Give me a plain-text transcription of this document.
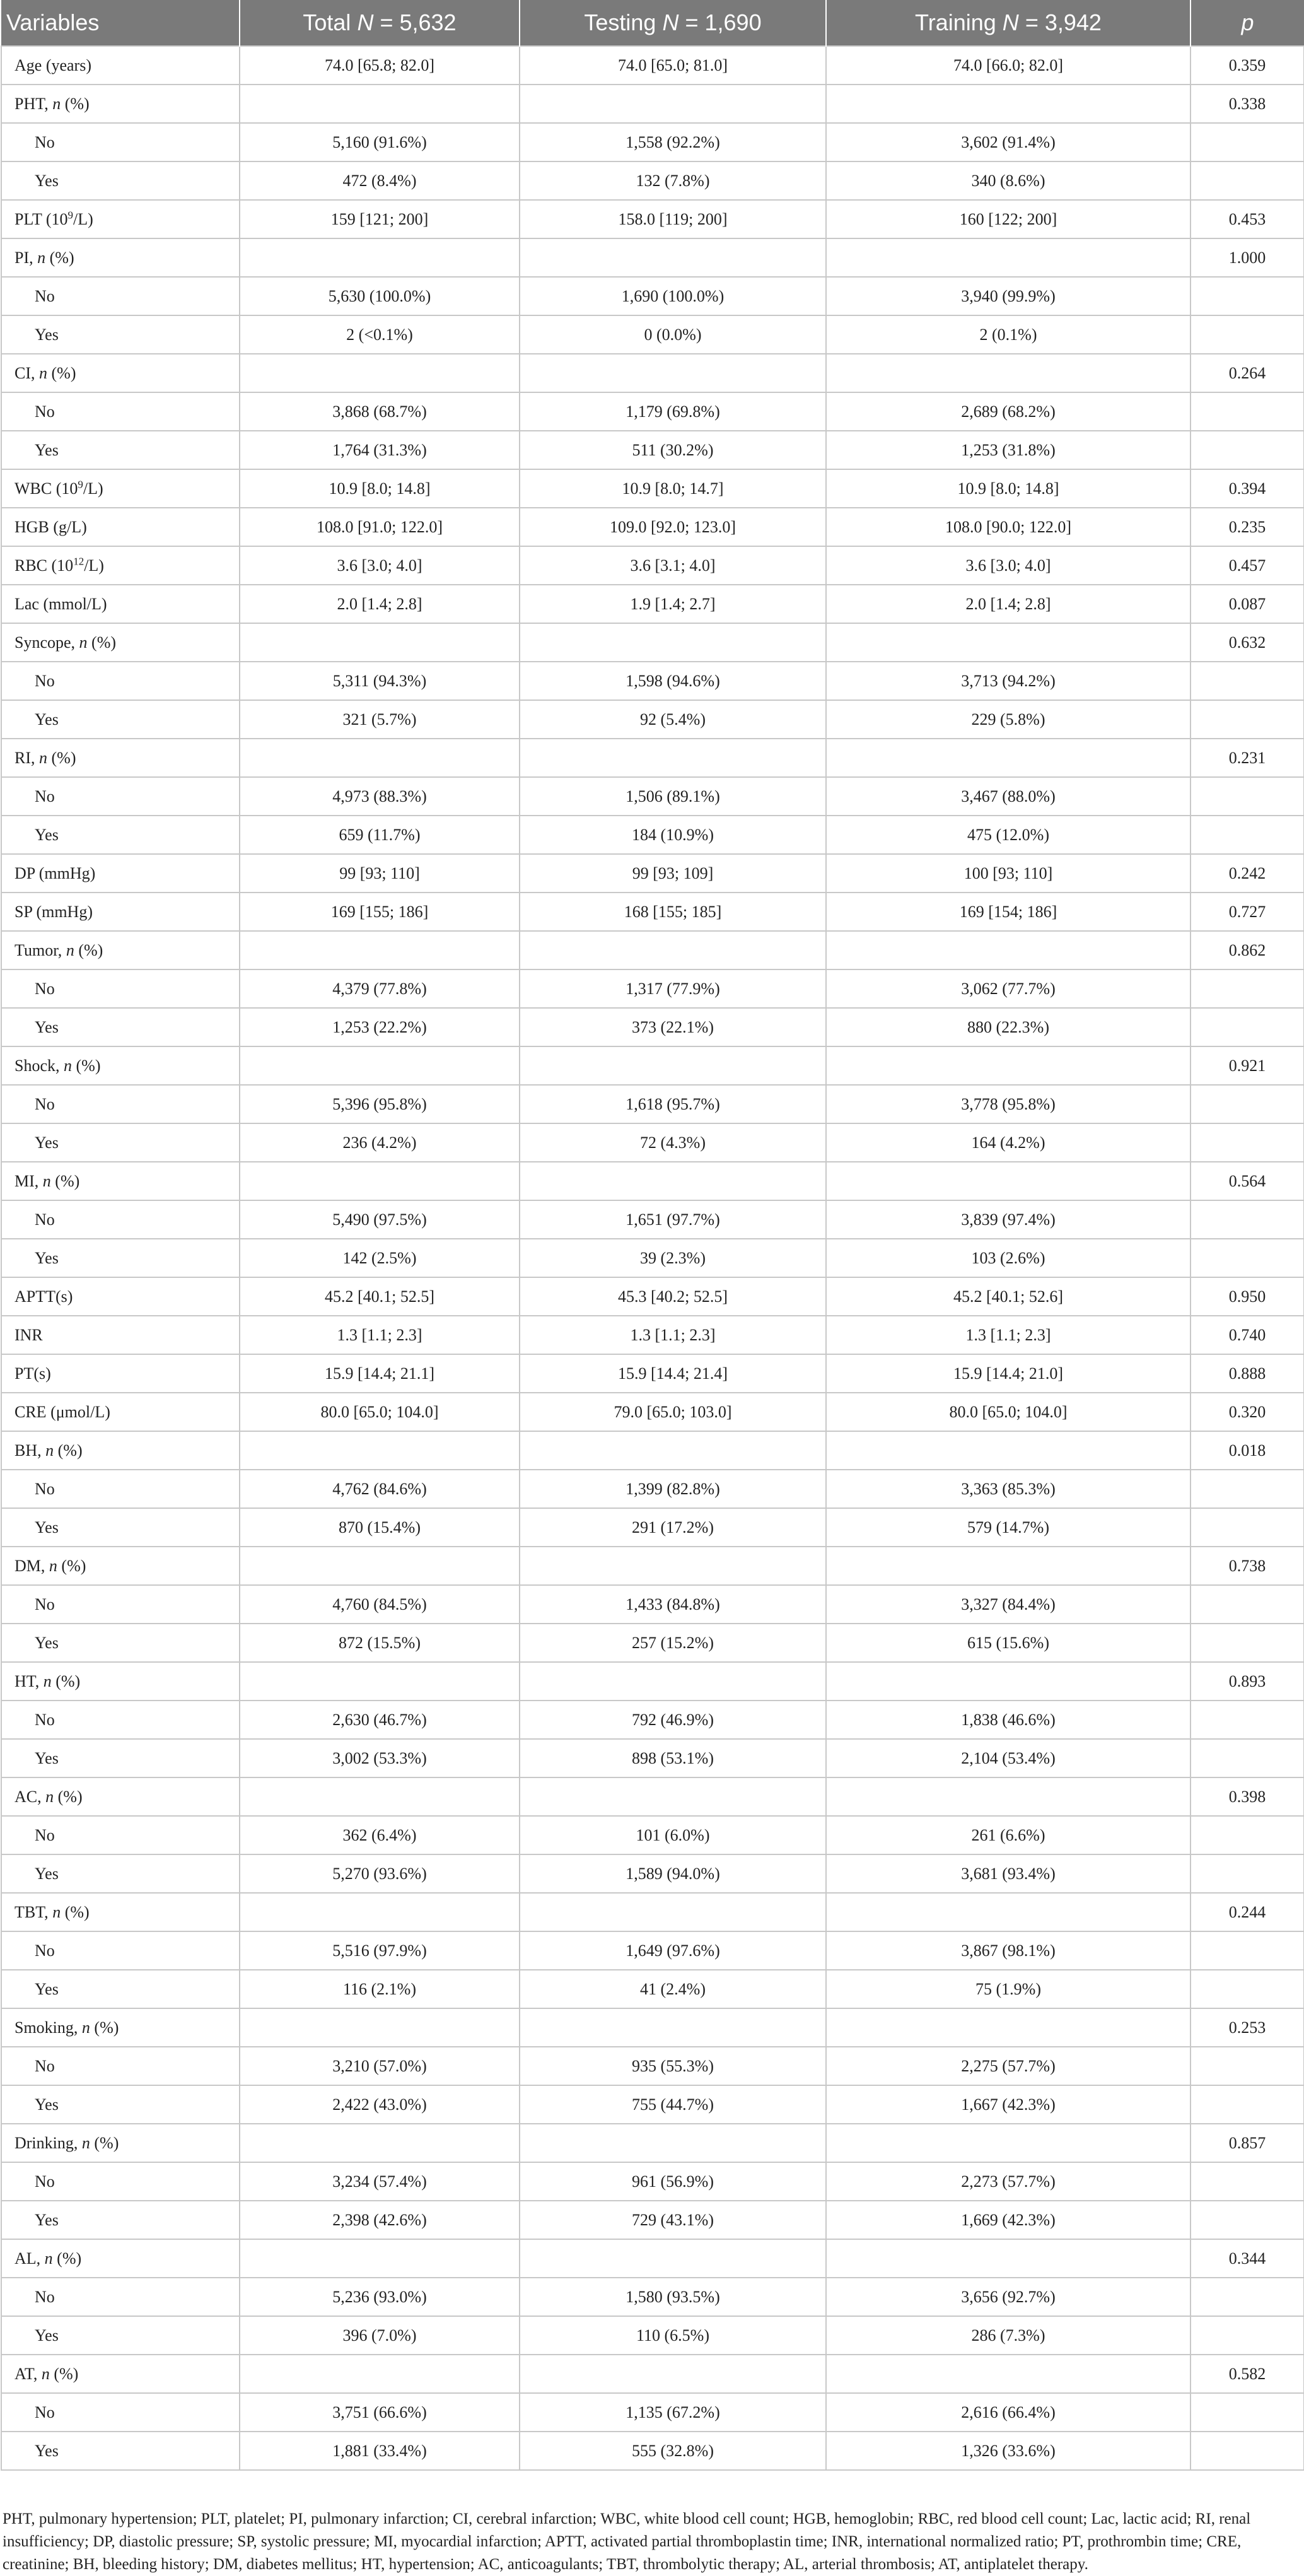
Variables	Total N = 5,632	Testing N = 1,690	Training N = 3,942	p
Age (years)	74.0 [65.8; 82.0]	74.0 [65.0; 81.0]	74.0 [66.0; 82.0]	0.359
PHT, n (%)				0.338
No	5,160 (91.6%)	1,558 (92.2%)	3,602 (91.4%)	
Yes	472 (8.4%)	132 (7.8%)	340 (8.6%)	
PLT $(10^9/L)$	159 [121; 200]	158.0 [119; 200]	160 [122; 200]	0.453
PI, n (%)				1.000
No	5,630 (100.0%)	1,690 (100.0%)	3,940 (99.9%)	
Yes	2 (<0.1%)	0 (0.0%)	2 (0.1%)	
CI, n (%)				0.264
No	3,868 (68.7%)	1,179 (69.8%)	2,689 (68.2%)	
Yes	1,764 (31.3%)	511 (30.2%)	1,253 (31.8%)	
WBC $(10^9/L)$	10.9 [8.0; 14.8]	10.9 [8.0; 14.7]	10.9 [8.0; 14.8]	0.394
HGB (g/L)	108.0 [91.0; 122.0]	109.0 [92.0; 123.0]	108.0 [90.0; 122.0]	0.235
RBC $(10^{12}/L)$	3.6 [3.0; 4.0]	3.6 [3.1; 4.0]	3.6 [3.0; 4.0]	0.457
Lac (mmol/L)	2.0 [1.4; 2.8]	1.9 [1.4; 2.7]	2.0 [1.4; 2.8]	0.087
Syncope, n (%)				0.632
No	5,311 (94.3%)	1,598 (94.6%)	3,713 (94.2%)	
Yes	321 (5.7%)	92 (5.4%)	229 (5.8%)	
RI, n (%)				0.231
No	4,973 (88.3%)	1,506 (89.1%)	3,467 (88.0%)	
Yes	659 (11.7%)	184 (10.9%)	475 (12.0%)	
DP (mmHg)	99 [93; 110]	99 [93; 109]	100 [93; 110]	0.242
SP (mmHg)	169 [155; 186]	168 [155; 185]	169 [154; 186]	0.727
Tumor, n (%)				0.862
No	4,379 (77.8%)	1,317 (77.9%)	3,062 (77.7%)	
Yes	1,253 (22.2%)	373 (22.1%)	880 (22.3%)	
Shock, n (%)				0.921
No	5,396 (95.8%)	1,618 (95.7%)	3,778 (95.8%)	
Yes	236 (4.2%)	72 (4.3%)	164 (4.2%)	
MI, n (%)				0.564
No	5,490 (97.5%)	1,651 (97.7%)	3,839 (97.4%)	
Yes	142 (2.5%)	39 (2.3%)	103 (2.6%)	
APTT(s)	45.2 [40.1; 52.5]	45.3 [40.2; 52.5]	45.2 [40.1; 52.6]	0.950
INR	1.3 [1.1; 2.3]	1.3 [1.1; 2.3]	1.3 [1.1; 2.3]	0.740
PT(s)	15.9 [14.4; 21.1]	15.9 [14.4; 21.4]	15.9 [14.4; 21.0]	0.888
CRE (μmol/L)	80.0 [65.0; 104.0]	79.0 [65.0; 103.0]	80.0 [65.0; 104.0]	0.320
BH, n (%)				0.018
No	4,762 (84.6%)	1,399 (82.8%)	3,363 (85.3%)	
Yes	870 (15.4%)	291 (17.2%)	579 (14.7%)	
DM, n (%)				0.738
No	4,760 (84.5%)	1,433 (84.8%)	3,327 (84.4%)	
Yes	872 (15.5%)	257 (15.2%)	615 (15.6%)	
HT, n (%)				0.893
No	2,630 (46.7%)	792 (46.9%)	1,838 (46.6%)	
Yes	3,002 (53.3%)	898 (53.1%)	2,104 (53.4%)	
AC, n (%)				0.398
No	362 (6.4%)	101 (6.0%)	261 (6.6%)	
Yes	5,270 (93.6%)	1,589 (94.0%)	3,681 (93.4%)	
TBT, n (%)				0.244
No	5,516 (97.9%)	1,649 (97.6%)	3,867 (98.1%)	
Yes	116 (2.1%)	41 (2.4%)	75 (1.9%)	
Smoking, n (%)				0.253
No	3,210 (57.0%)	935 (55.3%)	2,275 (57.7%)	
Yes	2,422 (43.0%)	755 (44.7%)	1,667 (42.3%)	
Drinking, n (%)				0.857
No	3,234 (57.4%)	961 (56.9%)	2,273 (57.7%)	
Yes	2,398 (42.6%)	729 (43.1%)	1,669 (42.3%)	
AL, n (%)				0.344
No	5,236 (93.0%)	1,580 (93.5%)	3,656 (92.7%)	
Yes	396 (7.0%)	110 (6.5%)	286 (7.3%)	
AT, n (%)				0.582
No	3,751 (66.6%)	1,135 (67.2%)	2,616 (66.4%)	
Yes	1,881 (33.4%)	555 (32.8%)	1,326 (33.6%)	
PHT, pulmonary hypertension; PLT, platelet; PI, pulmonary infarction; CI, cerebral infarction; WBC, white blood cell count; HGB, hemoglobin; RBC, red blood cell count; Lac, lactic acid; RI, renal insufficiency; DP, diastolic pressure; SP, systolic pressure; MI, myocardial infarction; APTT, activated partial thromboplastin time; INR, international normalized ratio; PT, prothrombin time; CRE, creatinine; BH, bleeding history; DM, diabetes mellitus; HT, hypertension; AC, anticoagulants; TBT, thrombolytic therapy; AL, arterial thrombosis; AT, antiplatelet therapy.
